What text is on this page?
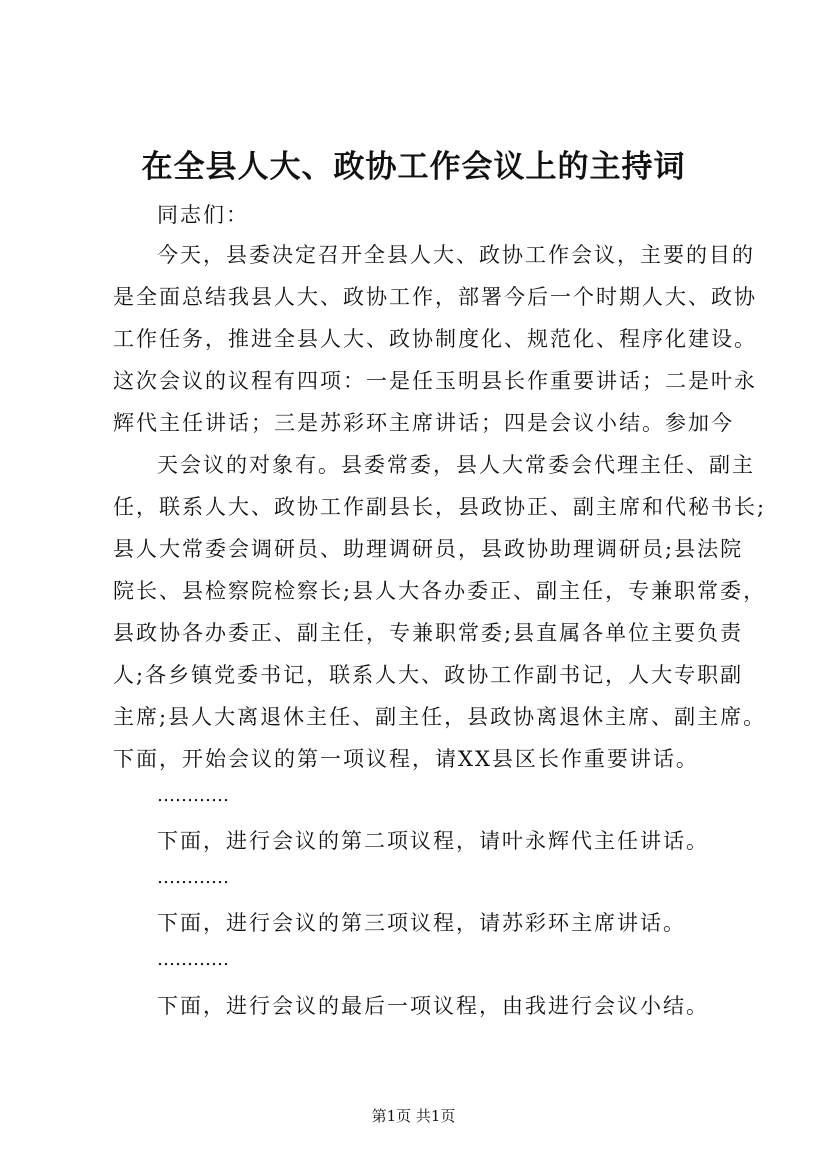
在全县人大、政协工作会议上的主持词
同志们：
今天，县委决定召开全县人大、政协工作会议，主要的目的
是全面总结我县人大、政协工作，部署今后一个时期人大、政协
工作任务，推进全县人大、政协制度化、规范化、程序化建设。
这次会议的议程有四项：一是任玉明县长作重要讲话；二是叶永
辉代主任讲话；三是苏彩环主席讲话；四是会议小结。参加今
天会议的对象有。县委常委，县人大常委会代理主任、副主
任，联系人大、政协工作副县长，县政协正、副主席和代秘书长;
县人大常委会调研员、助理调研员，县政协助理调研员;县法院
院长、县检察院检察长;县人大各办委正、副主任，专兼职常委，
县政协各办委正、副主任，专兼职常委;县直属各单位主要负责
人;各乡镇党委书记，联系人大、政协工作副书记，人大专职副
主席;县人大离退休主任、副主任，县政协离退休主席、副主席。
下面，开始会议的第一项议程，请XX县区长作重要讲话。
…………
下面，进行会议的第二项议程，请叶永辉代主任讲话。
…………
下面，进行会议的第三项议程，请苏彩环主席讲话。
…………
下面，进行会议的最后一项议程，由我进行会议小结。
第1页 共1页
